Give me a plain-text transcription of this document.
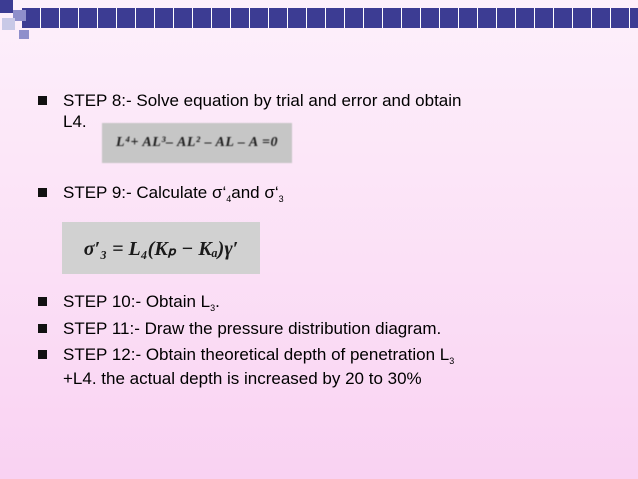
STEP 8:- Solve equation by trial and error and obtain
L4.
L⁴+ AL³– AL² – AL – A =0
STEP 9:- Calculate $\sigma‘_4and$ $\sigma‘_3$
σ′₃ = L₄(Kₚ − Kₐ)γ′
STEP 10:- Obtain $L_3$.
STEP 11:- Draw the pressure distribution diagram.
STEP 12:- Obtain theoretical depth of penetration $L_3$
+L4. the actual depth is increased by 20 to 30%
